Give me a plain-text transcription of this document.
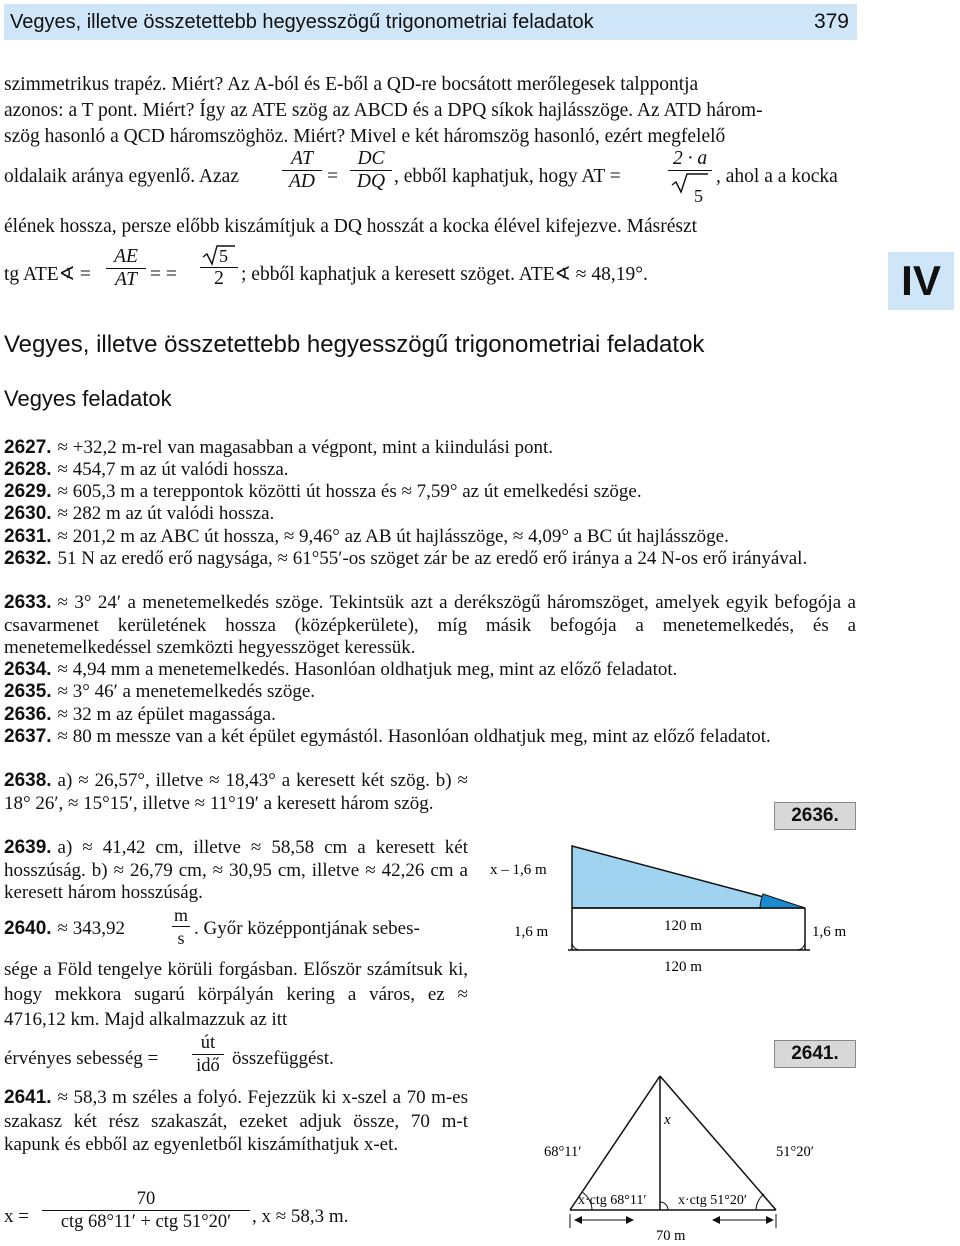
Vegyes, illetve összetettebb hegyesszögű trigonometriai feladatok	379
szimmetrikus trapéz. Miért? Az A-ból és E-ből a QD-re bocsátott merőlegesek talppontja
azonos: a T pont. Miért? Így az ATE szög az ABCD és a DPQ síkok hajlásszöge. Az ATD három-
szög hasonló a QCD háromszöghöz. Miért? Mivel e két háromszög hasonló, ezért megfelelő
oldalaik aránya egyenlő. Azaz $\frac{AT}{AD} = \frac{DC}{DQ}$ , ebből kaphatjuk, hogy AT =
2 · a
5
, ahol a a kocka
élének hossza, persze előbb kiszámítjuk a DQ hosszát a kocka élével kifejezve. Másrészt
tg ATE∢ = $\frac{AE}{AT}$ = =	2
5
; ebből kaphatjuk a keresett szöget. ATE∢ ≈ 48,19°.	IV
Vegyes, illetve összetettebb hegyesszögű trigonometriai feladatok
Vegyes feladatok
2627. ≈ +32,2 m-rel van magasabban a végpont, mint a kiindulási pont.
2628. ≈ 454,7 m az út valódi hossza.
2629. ≈ 605,3 m a tereppontok közötti út hossza és ≈ 7,59° az út emelkedési szöge.
2630. ≈ 282 m az út valódi hossza.
2631. ≈ 201,2 m az ABC út hossza, ≈ 9,46° az AB út hajlásszöge, ≈ 4,09° a BC út hajlásszöge.
2632. 51 N az eredő erő nagysága, ≈ 61°55′-os szöget zár be az eredő erő iránya a 24 N-os erő irányával.
2633. ≈ 3° 24′ a menetemelkedés szöge. Tekintsük azt a derékszögű háromszöget, amelyek egyik befogója a csavarmenet kerületének hossza (középkerülete), míg másik befogója a menetemelkedés, és a menetemelkedéssel szemközti hegyesszöget keressük.
2634. ≈ 4,94 mm a menetemelkedés. Hasonlóan oldhatjuk meg, mint az előző feladatot.
2635. ≈ 3° 46′ a menetemelkedés szöge.
2636. ≈ 32 m az épület magassága.
2637. ≈ 80 m messze van a két épület egymástól. Hasonlóan oldhatjuk meg, mint az előző feladatot.
2638. a) ≈ 26,57°, illetve ≈ 18,43° a keresett két szög. b) ≈ 18° 26′, ≈ 15°15′, illetve ≈ 11°19′ a keresett három szög.
2639. a) ≈ 41,42 cm, illetve ≈ 58,58 cm a keresett két hosszúság. b) ≈ 26,79 cm, ≈ 30,95 cm, illetve ≈ 42,26 cm a keresett három hosszúság.
2640. ≈ 343,92	$\frac{m}{s}$ . Győr középpontjának sebes-
sége a Föld tengelye körüli forgásban. Először számítsuk ki, hogy mekkora sugarú körpályán kering a város, ez ≈ 4716,12 km. Majd alkalmazzuk az itt
érvényes sebesség =
út
idő összefüggést.
2641. ≈ 58,3 m széles a folyó. Fejezzük ki x-szel a 70 m-es szakasz két rész szakaszát, ezeket adjuk össze, 70 m-t kapunk és ebből az egyenletből kiszámíthatjuk x-et.
x =
70
ctg 68°11′ + ctg 51°20′	, x ≈ 58,3 m.
2636.
x – 1,6 m
1,6 m	1,6 m
120 m
120 m
2641.
x
68°11′	51°20′
x·ctg 68°11′ x·ctg 51°20′
70 m
